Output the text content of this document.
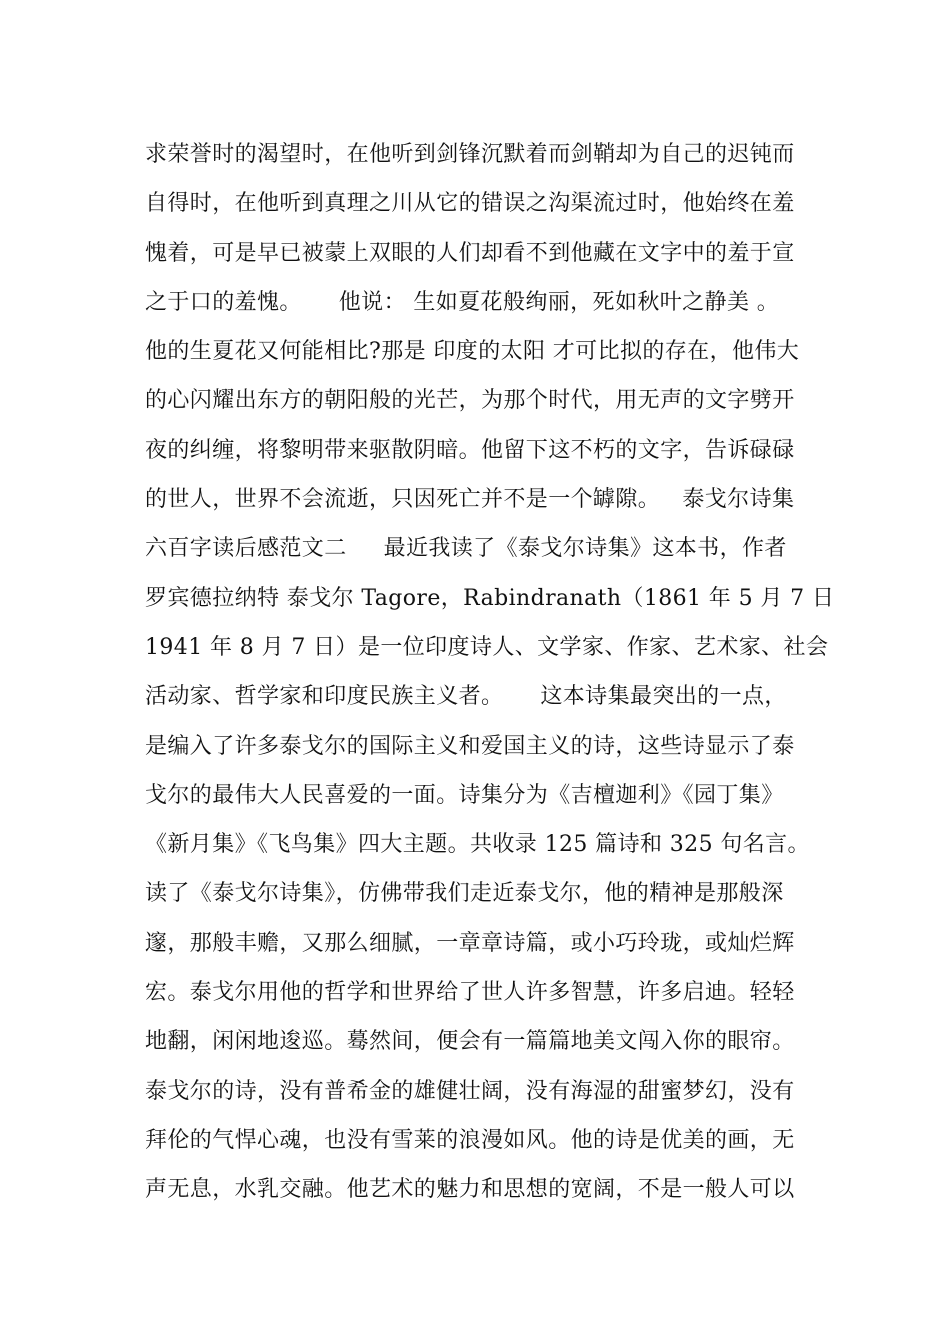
求荣誉时的渴望时，在他听到剑锋沉默着而剑鞘却为自己的迟钝而
自得时，在他听到真理之川从它的错误之沟渠流过时，他始终在羞
愧着，可是早已被蒙上双眼的人们却看不到他藏在文字中的羞于宣
之于口的羞愧。     他说： 生如夏花般绚丽，死如秋叶之静美 。
他的生夏花又何能相比?那是 印度的太阳 才可比拟的存在，他伟大
的心闪耀出东方的朝阳般的光芒，为那个时代，用无声的文字劈开
夜的纠缠，将黎明带来驱散阴暗。他留下这不朽的文字，告诉碌碌
的世人，世界不会流逝，只因死亡并不是一个罅隙。   泰戈尔诗集
六百字读后感范文二     最近我读了《泰戈尔诗集》这本书，作者
罗宾德拉纳特 泰戈尔 Tagore，Rabindranath（1861 年 5 月 7 日
1941 年 8 月 7 日）是一位印度诗人、文学家、作家、艺术家、社会
活动家、哲学家和印度民族主义者。     这本诗集最突出的一点，
是编入了许多泰戈尔的国际主义和爱国主义的诗，这些诗显示了泰
戈尔的最伟大人民喜爱的一面。诗集分为《吉檀迦利》《园丁集》
《新月集》《飞鸟集》四大主题。共收录 125 篇诗和 325 句名言。
读了《泰戈尔诗集》，仿佛带我们走近泰戈尔，他的精神是那般深
邃，那般丰赡，又那么细腻，一章章诗篇，或小巧玲珑，或灿烂辉
宏。泰戈尔用他的哲学和世界给了世人许多智慧，许多启迪。轻轻
地翻，闲闲地逡巡。蓦然间，便会有一篇篇地美文闯入你的眼帘。
泰戈尔的诗，没有普希金的雄健壮阔，没有海湿的甜蜜梦幻，没有
拜伦的气悍心魂，也没有雪莱的浪漫如风。他的诗是优美的画，无
声无息，水乳交融。他艺术的魅力和思想的宽阔，不是一般人可以
